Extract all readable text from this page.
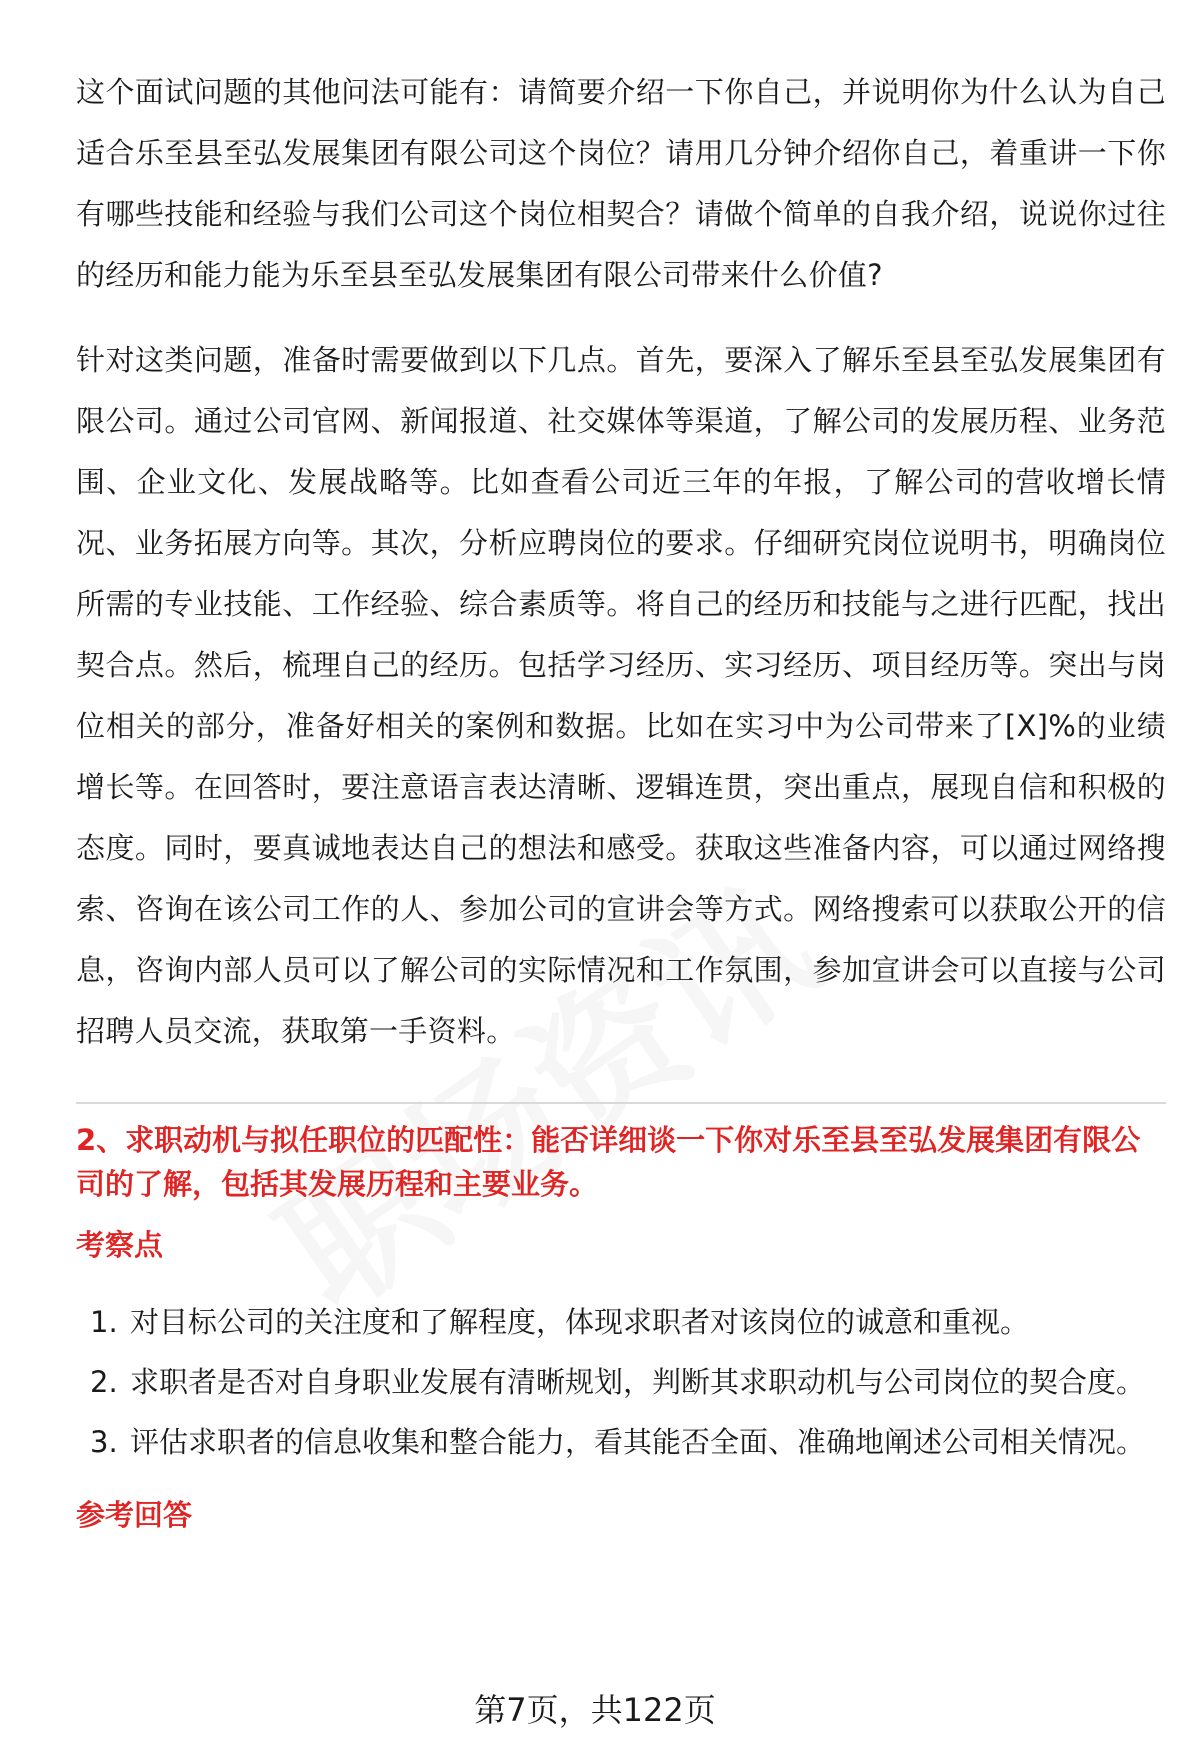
这个面试问题的其他问法可能有：请简要介绍一下你自己，并说明你为什么认为自己适合乐至县至弘发展集团有限公司这个岗位？请用几分钟介绍你自己，着重讲一下你有哪些技能和经验与我们公司这个岗位相契合？请做个简单的自我介绍，说说你过往的经历和能力能为乐至县至弘发展集团有限公司带来什么价值?

针对这类问题，准备时需要做到以下几点。首先，要深入了解乐至县至弘发展集团有限公司。通过公司官网、新闻报道、社交媒体等渠道，了解公司的发展历程、业务范围、企业文化、发展战略等。比如查看公司近三年的年报，了解公司的营收增长情况、业务拓展方向等。其次，分析应聘岗位的要求。仔细研究岗位说明书，明确岗位所需的专业技能、工作经验、综合素质等。将自己的经历和技能与之进行匹配，找出契合点。然后，梳理自己的经历。包括学习经历、实习经历、项目经历等。突出与岗位相关的部分，准备好相关的案例和数据。比如在实习中为公司带来了[X]%的业绩增长等。在回答时，要注意语言表达清晰、逻辑连贯，突出重点，展现自信和积极的态度。同时，要真诚地表达自己的想法和感受。获取这些准备内容，可以通过网络搜索、咨询在该公司工作的人、参加公司的宣讲会等方式。网络搜索可以获取公开的信息，咨询内部人员可以了解公司的实际情况和工作氛围，参加宣讲会可以直接与公司招聘人员交流，获取第一手资料。

2、求职动机与拟任职位的匹配性：能否详细谈一下你对乐至县至弘发展集团有限公司的了解，包括其发展历程和主要业务。

考察点

1. 对目标公司的关注度和了解程度，体现求职者对该岗位的诚意和重视。
2. 求职者是否对自身职业发展有清晰规划，判断其求职动机与公司岗位的契合度。
3. 评估求职者的信息收集和整合能力，看其能否全面、准确地阐述公司相关情况。

参考回答

第7页，共122页
